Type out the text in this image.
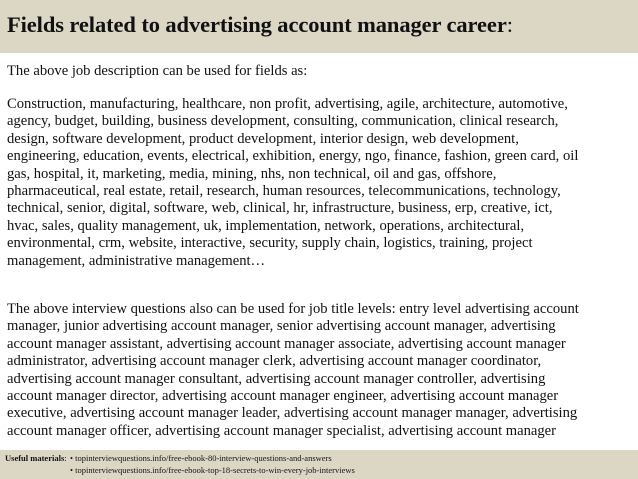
Fields related to advertising account manager career:
The above job description can be used for fields as:
Construction, manufacturing, healthcare, non profit, advertising, agile, architecture, automotive,
agency, budget, building, business development, consulting, communication, clinical research,
design, software development, product development, interior design, web development,
engineering, education, events, electrical, exhibition, energy, ngo, finance, fashion, green card, oil
gas, hospital, it, marketing, media, mining, nhs, non technical, oil and gas, offshore,
pharmaceutical, real estate, retail, research, human resources, telecommunications, technology,
technical, senior, digital, software, web, clinical, hr, infrastructure, business, erp, creative, ict,
hvac, sales, quality management, uk, implementation, network, operations, architectural,
environmental, crm, website, interactive, security, supply chain, logistics, training, project
management, administrative management…
The above interview questions also can be used for job title levels: entry level advertising account
manager, junior advertising account manager, senior advertising account manager, advertising
account manager assistant, advertising account manager associate, advertising account manager
administrator, advertising account manager clerk, advertising account manager coordinator,
advertising account manager consultant, advertising account manager controller, advertising
account manager director, advertising account manager engineer, advertising account manager
executive, advertising account manager leader, advertising account manager manager, advertising
account manager officer, advertising account manager specialist, advertising account manager
Useful materials: • topinterviewquestions.info/free-ebook-80-interview-questions-and-answers
• topinterviewquestions.info/free-ebook-top-18-secrets-to-win-every-job-interviews
